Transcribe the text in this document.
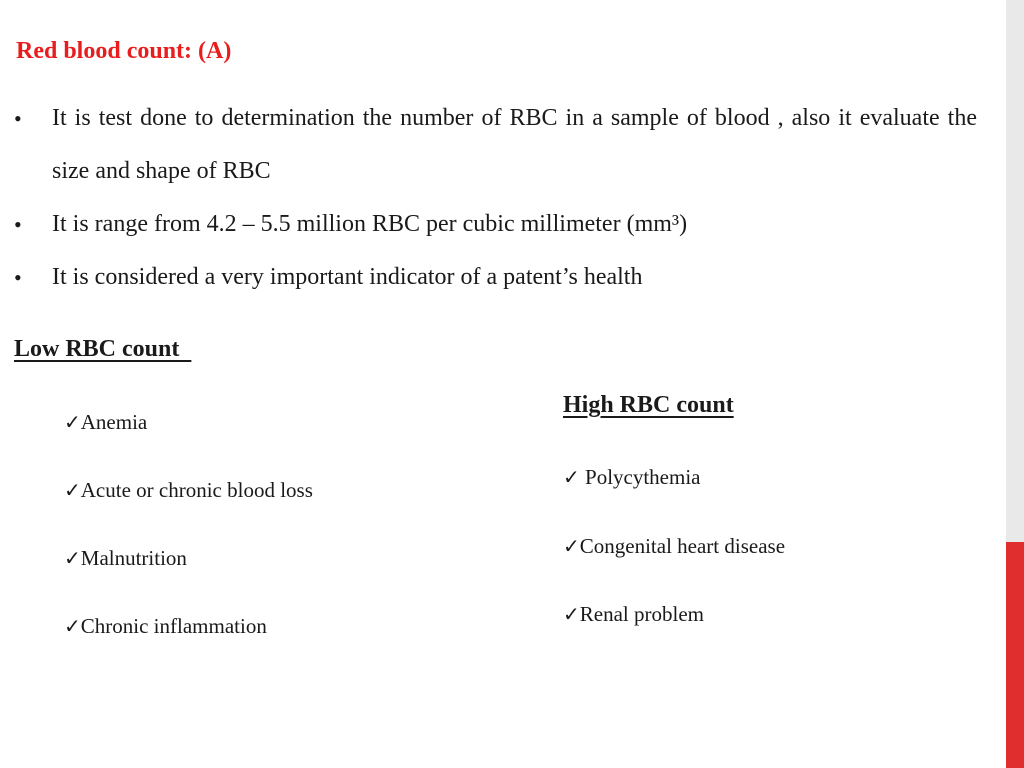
Red blood count: (A)
• It is test done to determination the number of RBC in a sample of blood , also it evaluate the size and shape of RBC
• It is range from 4.2 – 5.5 million RBC per cubic millimeter (mm³)
• It is considered a very important indicator of a patent’s health
Low RBC count
✓Anemia
✓Acute or chronic blood loss
✓Malnutrition
✓Chronic inflammation
High RBC count
✓ Polycythemia
✓Congenital heart disease
✓Renal problem
